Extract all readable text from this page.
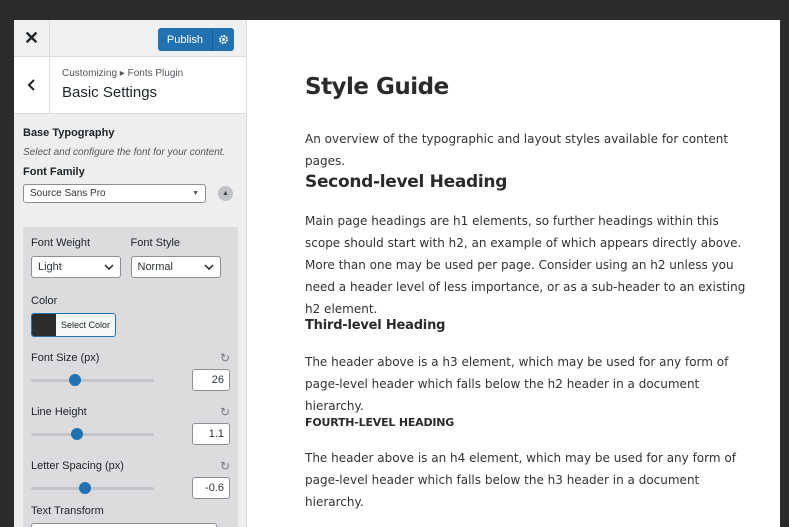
✕	Publish
Customizing ▸ Fonts Plugin
Basic Settings
Base Typography
Select and configure the font for your content.
Font Family
Source Sans Pro	▼	▲
Font Weight
Light
Font Style
Normal
Color
Select Color
Font Size (px)	↻
26
Line Height	↻
1.1
Letter Spacing (px)	↻
-0.6
Text Transform
Style Guide
An overview of the typographic and layout styles available for content pages.
Second-level Heading
Main page headings are h1 elements, so further headings within this scope should start with h2, an example of which appears directly above. More than one may be used per page. Consider using an h2 unless you need a header level of less importance, or as a sub-header to an existing h2 element.
Third-level Heading
The header above is a h3 element, which may be used for any form of page-level header which falls below the h2 header in a document hierarchy.
FOURTH-LEVEL HEADING
The header above is an h4 element, which may be used for any form of page-level header which falls below the h3 header in a document hierarchy.
